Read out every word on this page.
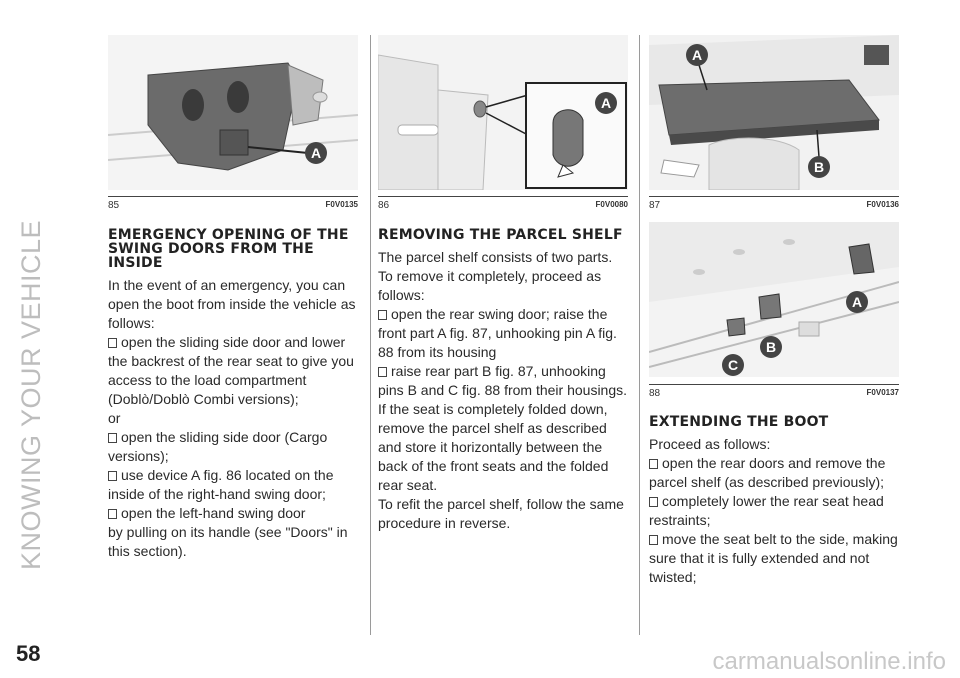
KNOWING YOUR VEHICLE
A
85	F0V0135
A
86	F0V0080
A
B
87	F0V0136
A
B
C
88	F0V0137
EMERGENCY OPENING OF THE SWING DOORS FROM THE INSIDE

In the event of an emergency, you can open the boot from inside the vehicle as follows:

open the sliding side door and lower the backrest of the rear seat to give you access to the load compartment (Doblò/Doblò Combi versions);

or

open the sliding side door (Cargo versions);

use device A fig. 86 located on the inside of the right-hand swing door;

open the left-hand swing door

by pulling on its handle (see "Doors" in this section).

REMOVING THE PARCEL SHELF

The parcel shelf consists of two parts. To remove it completely, proceed as follows:

open the rear swing door; raise the front part A fig. 87, unhooking pin A fig. 88 from its housing

raise rear part B fig. 87, unhooking pins B and C fig. 88 from their housings.

If the seat is completely folded down, remove the parcel shelf as described and store it horizontally between the back of the front seats and the folded rear seat.

To refit the parcel shelf, follow the same procedure in reverse.

EXTENDING THE BOOT

Proceed as follows:

open the rear doors and remove the parcel shelf (as described previously);

completely lower the rear seat head restraints;

move the seat belt to the side, making sure that it is fully extended and not twisted;

58	carmanualsonline.info
